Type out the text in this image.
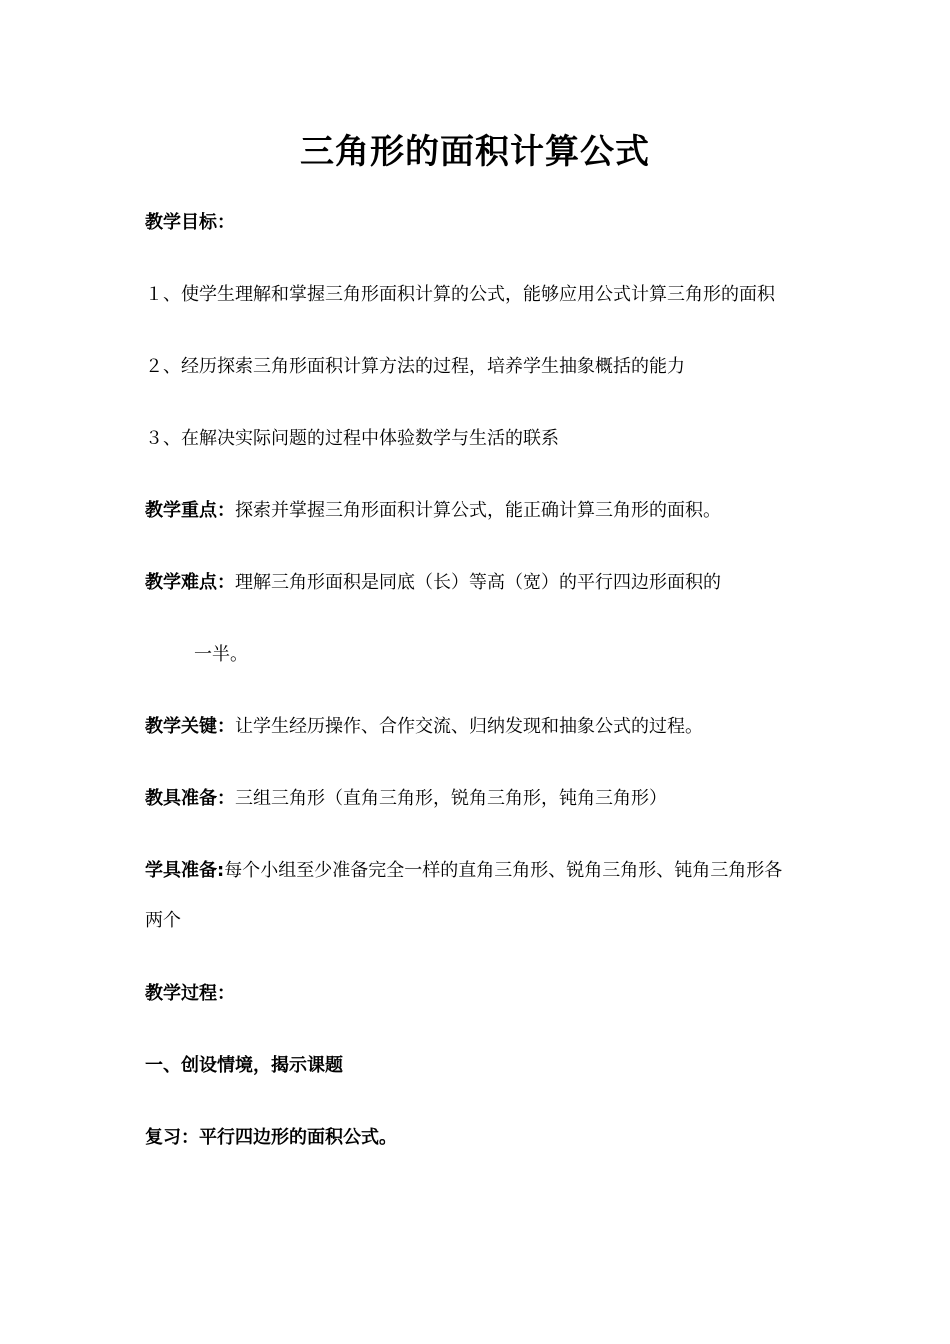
三角形的面积计算公式
教学目标：
１、使学生理解和掌握三角形面积计算的公式，能够应用公式计算三角形的面积
２、经历探索三角形面积计算方法的过程，培养学生抽象概括的能力
３、在解决实际问题的过程中体验数学与生活的联系
教学重点：探索并掌握三角形面积计算公式，能正确计算三角形的面积。
教学难点：理解三角形面积是同底（长）等高（宽）的平行四边形面积的
一半。
教学关键：让学生经历操作、合作交流、归纳发现和抽象公式的过程。
教具准备：三组三角形（直角三角形，锐角三角形，钝角三角形）
学具准备:每个小组至少准备完全一样的直角三角形、锐角三角形、钝角三角形各
两个
教学过程：
一、创设情境，揭示课题
复习：平行四边形的面积公式。
